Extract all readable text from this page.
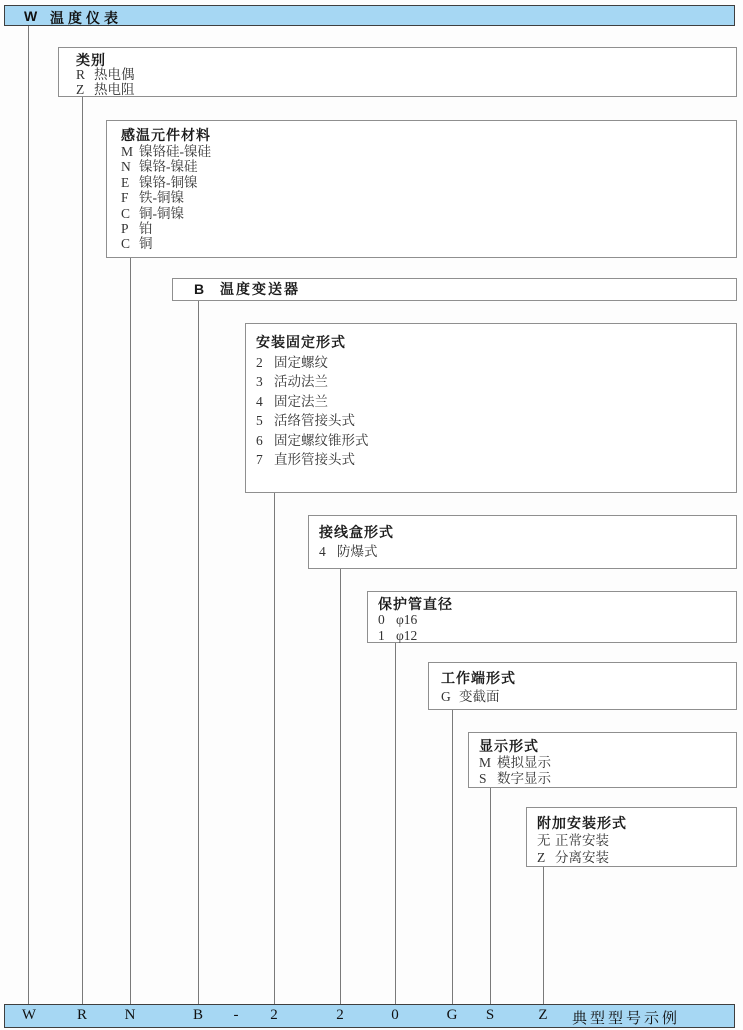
W 温度仪表
类别
R 热电偶
Z 热电阻
感温元件材料
M 镍铬硅-镍硅
N 镍铬-镍硅
E 镍铬-铜镍
F 铁-铜镍
C 铜-铜镍
P 铂
C 铜
B 温度变送器
安装固定形式
2 固定螺纹
3 活动法兰
4 固定法兰
5 活络管接头式
6 固定螺纹锥形式
7 直形管接头式
接线盒形式
4 防爆式
保护管直径
0 φ16
1 φ12
工作端形式
G 变截面
显示形式
M 模拟显示
S 数字显示
附加安装形式
无 正常安装
Z 分离安装
W	R	N	B - 2	2	0	G S	Z 典型型号示例
